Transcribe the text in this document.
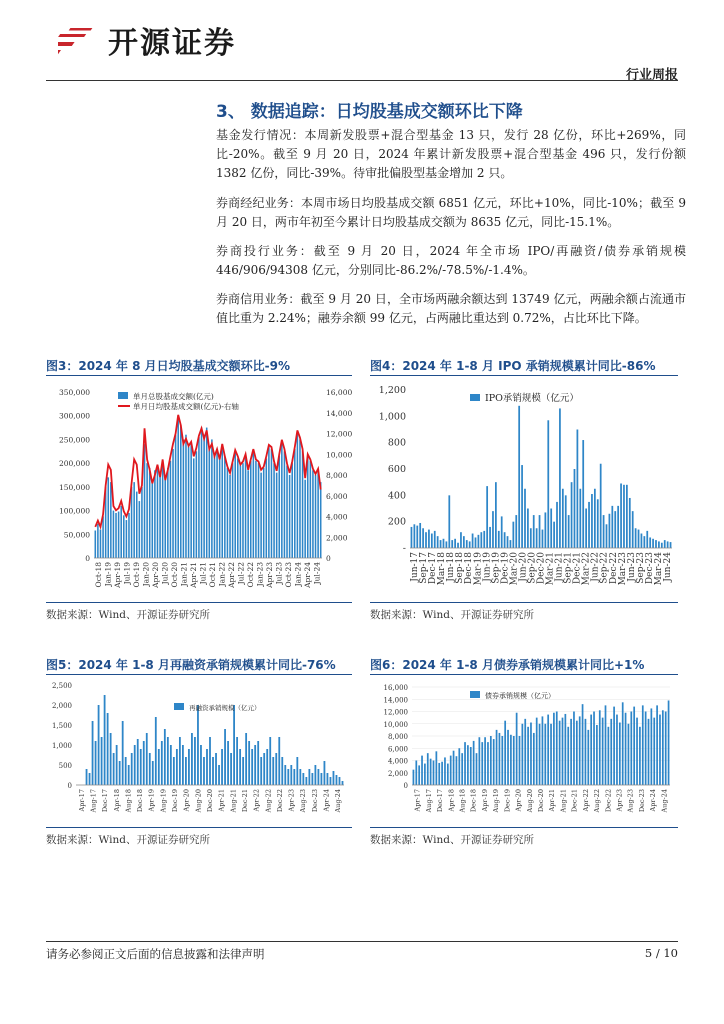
开源证券
行业周报
3、 数据追踪：日均股基成交额环比下降
基金发行情况：本周新发股票+混合型基金 13 只，发行 28 亿份，环比+269%，同比-20%。截至 9 月 20 日，2024 年累计新发股票+混合型基金 496 只，发行份额 1382 亿份，同比-39%。待审批偏股型基金增加 2 只。
券商经纪业务：本周市场日均股基成交额 6851 亿元，环比+10%，同比-10%；截至 9 月 20 日，两市年初至今累计日均股基成交额为 8635 亿元，同比-15.1%。
券商投行业务：截至 9 月 20 日，2024 年全市场 IPO/再融资/债券承销规模 446/906/94308 亿元，分别同比-86.2%/-78.5%/-1.4%。
券商信用业务：截至 9 月 20 日，全市场两融余额达到 13749 亿元，两融余额占流通市值比重为 2.24%；融券余额 99 亿元，占两融比重达到 0.72%，占比环比下降。
图3：2024 年 8 月日均股基成交额环比-9%
0
50,000
100,000
150,000
200,000
250,000
300,000
350,000
Oct-18 Jan-19 Apr-19 Jul-19 Oct-19 Jan-20 Apr-20 Jul-20 Oct-20 Jan-21 Apr-21 Jul-21 Oct-21 Jan-22 Apr-22 Jul-22 Oct-22 Jan-23 Apr-23 Jul-23 Oct-23 Jan-24 Apr-24 Jul-24
0
2,000
4,000
6,000
8,000
10,000
12,000
14,000
16,000
单月总股基成交额(亿元)
单月日均股基成交额(亿元)-右轴
数据来源：Wind、开源证券研究所
图4：2024 年 1-8 月 IPO 承销规模累计同比-86%
-
200
400
600
800
1,000
1,200
Jun-17 Sep-17 Dec-17 Mar-18 Jun-18 Sep-18 Dec-18 Mar-19 Jun-19 Sep-19 Dec-19 Mar-20 Jun-20 Sep-20 Dec-20 Mar-21 Jun-21 Sep-21 Dec-21 Mar-22 Jun-22 Sep-22 Dec-22 Mar-23 Jun-23 Sep-23 Dec-23 Mar-24 Jun-24
IPO承销规模（亿元）
数据来源：Wind、开源证券研究所
图5：2024 年 1-8 月再融资承销规模累计同比-76%
0
500
1,000
1,500
2,000
2,500
Apr-17 Aug-17 Dec-17 Apr-18 Aug-18 Dec-18 Apr-19 Aug-19 Dec-19 Apr-20 Aug-20 Dec-20 Apr-21 Aug-21 Dec-21 Apr-22 Aug-22 Dec-22 Apr-23 Aug-23 Dec-23 Apr-24 Aug-24
再融资承销规模（亿元）
数据来源：Wind、开源证券研究所
图6：2024 年 1-8 月债券承销规模累计同比+1%
0
2,000
4,000
6,000
8,000
10,000
12,000
14,000
16,000
Apr-17 Aug-17 Dec-17 Apr-18 Aug-18 Dec-18 Apr-19 Aug-19 Dec-19 Apr-20 Aug-20 Dec-20 Apr-21 Aug-21 Dec-21 Apr-22 Aug-22 Dec-22 Apr-23 Aug-23 Dec-23 Apr-24 Aug-24
债券承销规模（亿元）
数据来源：Wind、开源证券研究所
请务必参阅正文后面的信息披露和法律声明	5 / 10
